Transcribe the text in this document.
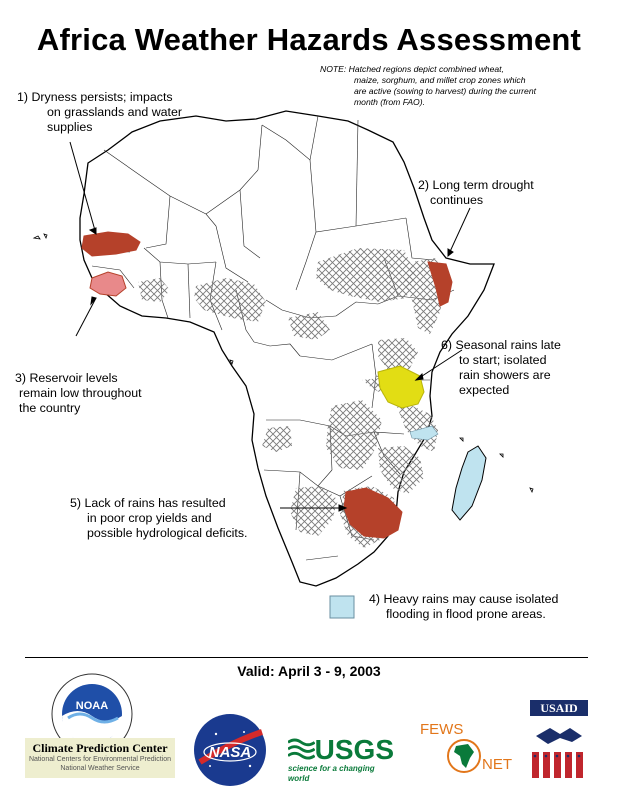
Africa Weather Hazards Assessment
NOTE: Hatched regions depict combined wheat,
maize, sorghum, and millet crop zones which
are active (sowing to harvest) during the current
month (from FAO).
1) Dryness persists; impacts
on grasslands and water
supplies
2) Long term drought
continues
3) Reservoir levels
remain low throughout
the country
4) Heavy rains may cause isolated
flooding in flood prone areas.
5) Lack of rains has resulted
in poor crop yields and
possible hydrological deficits.
6) Seasonal rains late
to start; isolated
rain showers are
expected
Valid: April 3 - 9, 2003
NOAA
Climate Prediction Center
National Centers for Environmental Prediction
National Weather Service
NASA USGS
science for a changing world
FEWS
NET
USAID
